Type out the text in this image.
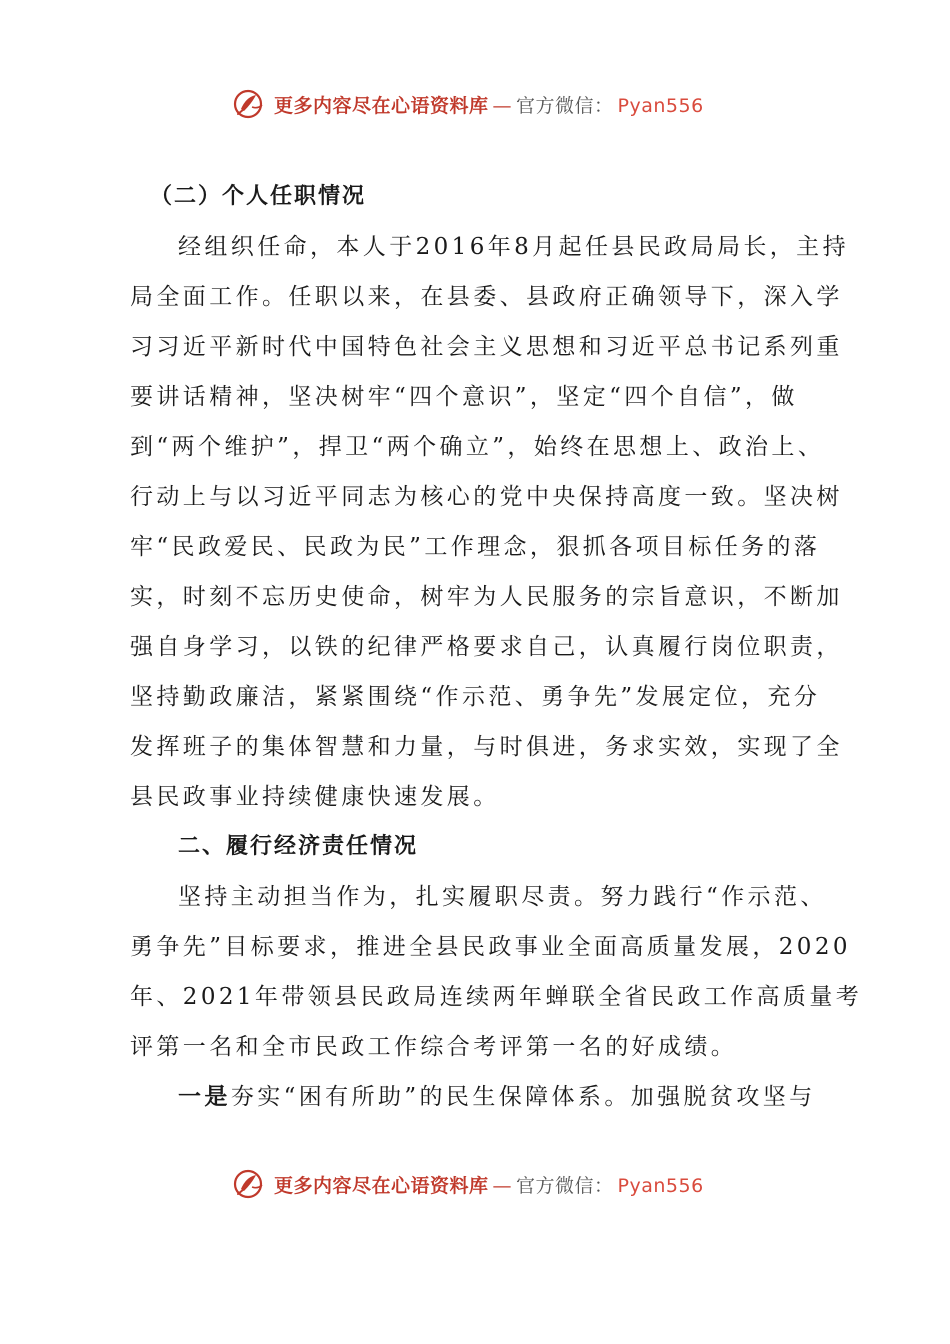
更多内容尽在心语资料库 — 官方微信： Pyan556
（二）个人任职情况
经组织任命，本人于2016年8月起任县民政局局长，主持
局全面工作。任职以来，在县委、县政府正确领导下，深入学
习习近平新时代中国特色社会主义思想和习近平总书记系列重
要讲话精神，坚决树牢“四个意识”，坚定“四个自信”，做
到“两个维护”，捍卫“两个确立”，始终在思想上、政治上、
行动上与以习近平同志为核心的党中央保持高度一致。坚决树
牢“民政爱民、民政为民”工作理念，狠抓各项目标任务的落
实，时刻不忘历史使命，树牢为人民服务的宗旨意识，不断加
强自身学习，以铁的纪律严格要求自己，认真履行岗位职责，
坚持勤政廉洁，紧紧围绕“作示范、勇争先”发展定位，充分
发挥班子的集体智慧和力量，与时俱进，务求实效，实现了全
县民政事业持续健康快速发展。
二、履行经济责任情况
坚持主动担当作为，扎实履职尽责。努力践行“作示范、
勇争先”目标要求，推进全县民政事业全面高质量发展，2020
年、2021年带领县民政局连续两年蝉联全省民政工作高质量考
评第一名和全市民政工作综合考评第一名的好成绩。
一是夯实“困有所助”的民生保障体系。加强脱贫攻坚与
更多内容尽在心语资料库 — 官方微信： Pyan556
